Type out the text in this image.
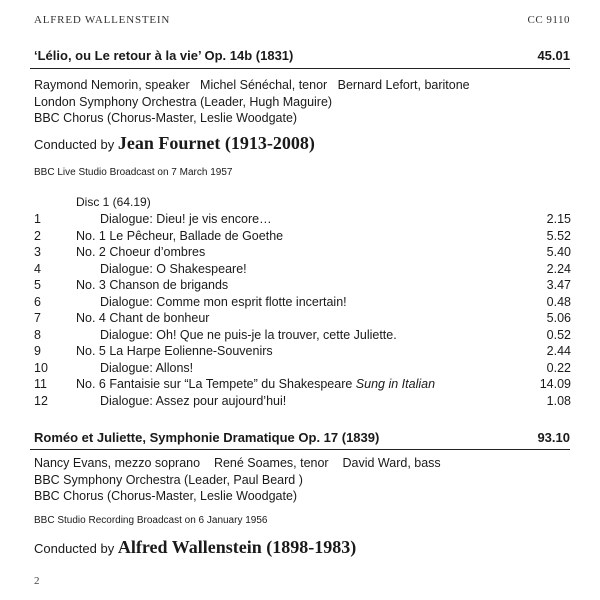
ALFRED WALLENSTEIN	CC 9110
‘Lélio, ou Le retour à la vie’ Op. 14b (1831)	45.01
Raymond Nemorin, speaker   Michel Sénéchal, tenor   Bernard Lefort, baritone
London Symphony Orchestra (Leader, Hugh Maguire)
BBC Chorus (Chorus-Master, Leslie Woodgate)
Conducted by Jean Fournet (1913-2008)
BBC Live Studio Broadcast on 7 March 1957
Disc 1 (64.19)
1	Dialogue: Dieu! je vis encore…	2.15
2	No. 1 Le Pêcheur, Ballade de Goethe	5.52
3	No. 2 Choeur d’ombres	5.40
4	Dialogue: O Shakespeare!	2.24
5	No. 3 Chanson de brigands	3.47
6	Dialogue: Comme mon esprit flotte incertain!	0.48
7	No. 4 Chant de bonheur	5.06
8	Dialogue: Oh! Que ne puis-je la trouver, cette Juliette.	0.52
9	No. 5 La Harpe Eolienne-Souvenirs	2.44
10	Dialogue: Allons!	0.22
11 No. 6 Fantaisie sur “La Tempete” du Shakespeare Sung in Italian	14.09
12	Dialogue: Assez pour aujourd’hui!	1.08
Roméo et Juliette, Symphonie Dramatique Op. 17 (1839)	93.10
Nancy Evans, mezzo soprano    René Soames, tenor    David Ward, bass
BBC Symphony Orchestra (Leader, Paul Beard )
BBC Chorus (Chorus-Master, Leslie Woodgate)
BBC Studio Recording Broadcast on 6 January 1956
Conducted by Alfred Wallenstein (1898-1983)
2
